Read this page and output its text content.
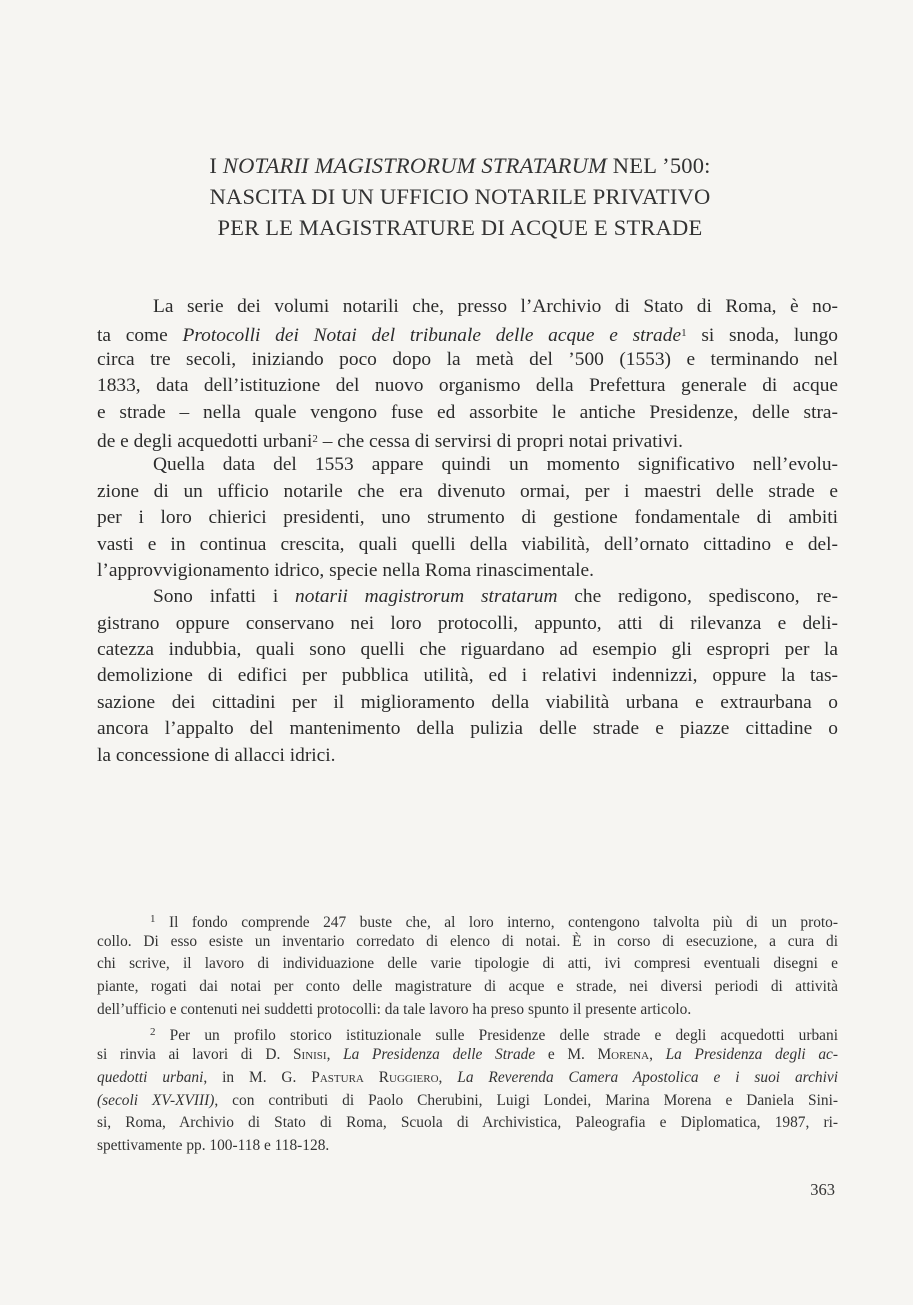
I NOTARII MAGISTRORUM STRATARUM NEL ’500:
NASCITA DI UN UFFICIO NOTARILE PRIVATIVO
PER LE MAGISTRATURE DI ACQUE E STRADE
La serie dei volumi notarili che, presso l’Archivio di Stato di Roma, è no-
ta come Protocolli dei Notai del tribunale delle acque e strade$^1$ si snoda, lungo
circa tre secoli, iniziando poco dopo la metà del ’500 (1553) e terminando nel
1833, data dell’istituzione del nuovo organismo della Prefettura generale di acque
e strade – nella quale vengono fuse ed assorbite le antiche Presidenze, delle stra-
de e degli acquedotti urbani$^2$ – che cessa di servirsi di propri notai privativi.
Quella data del 1553 appare quindi un momento significativo nell’evolu-
zione di un ufficio notarile che era divenuto ormai, per i maestri delle strade e
per i loro chierici presidenti, uno strumento di gestione fondamentale di ambiti
vasti e in continua crescita, quali quelli della viabilità, dell’ornato cittadino e del-
l’approvvigionamento idrico, specie nella Roma rinascimentale.
Sono infatti i notarii magistrorum stratarum che redigono, spediscono, re-
gistrano oppure conservano nei loro protocolli, appunto, atti di rilevanza e deli-
catezza indubbia, quali sono quelli che riguardano ad esempio gli espropri per la
demolizione di edifici per pubblica utilità, ed i relativi indennizzi, oppure la tas-
sazione dei cittadini per il miglioramento della viabilità urbana e extraurbana o
ancora l’appalto del mantenimento della pulizia delle strade e piazze cittadine o
la concessione di allacci idrici.
$^1$ Il fondo comprende 247 buste che, al loro interno, contengono talvolta più di un proto-
collo. Di esso esiste un inventario corredato di elenco di notai. È in corso di esecuzione, a cura di
chi scrive, il lavoro di individuazione delle varie tipologie di atti, ivi compresi eventuali disegni e
piante, rogati dai notai per conto delle magistrature di acque e strade, nei diversi periodi di attività
dell’ufficio e contenuti nei suddetti protocolli: da tale lavoro ha preso spunto il presente articolo.
$^2$ Per un profilo storico istituzionale sulle Presidenze delle strade e degli acquedotti urbani
si rinvia ai lavori di D. Sinisi, La Presidenza delle Strade e M. Morena, La Presidenza degli ac-
quedotti urbani, in M. G. Pastura Ruggiero, La Reverenda Camera Apostolica e i suoi archivi
(secoli XV-XVIII), con contributi di Paolo Cherubini, Luigi Londei, Marina Morena e Daniela Sini-
si, Roma, Archivio di Stato di Roma, Scuola di Archivistica, Paleografia e Diplomatica, 1987, ri-
spettivamente pp. 100-118 e 118-128.
363
